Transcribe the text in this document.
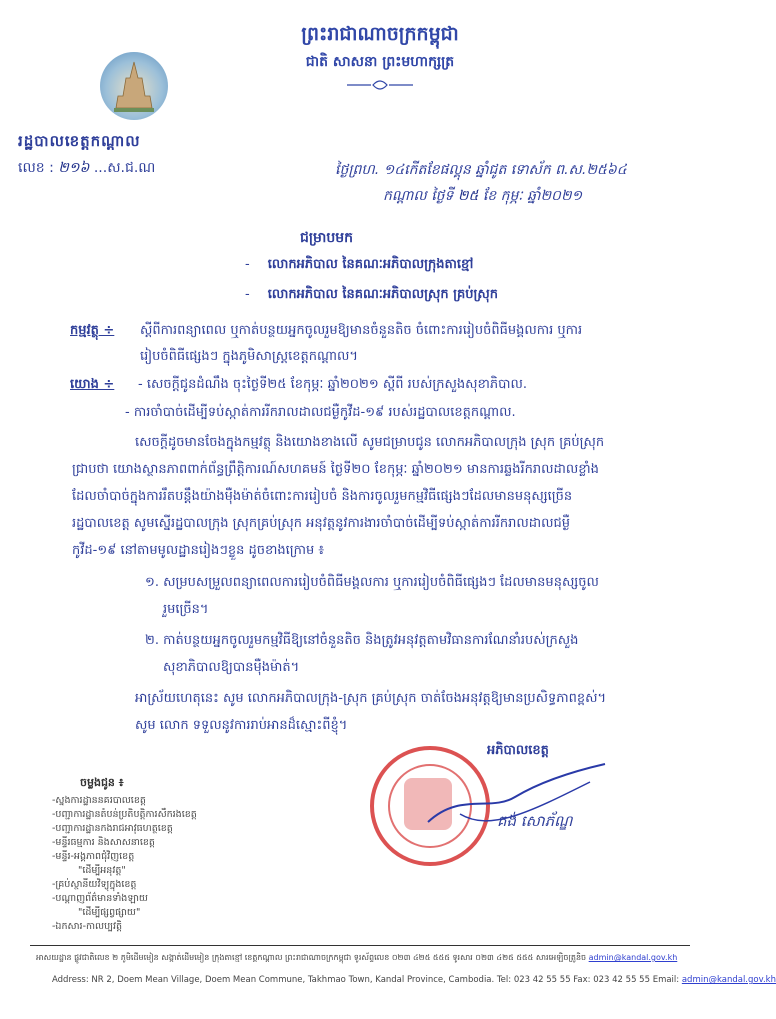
ព្រះរាជាណាចក្រកម្ពុជា
ជាតិ សាសនា ព្រះមហាក្សត្រ
រដ្ឋបាលខេត្តកណ្ដាល
លេខ : ២១៦ ...ស.ជ.ណ	ថ្ងៃព្រហ. ១៤កើតខែផល្គុន ឆ្នាំជូត ទោស័ក ព.ស.២៥៦៤
កណ្ដាល ថ្ងៃទី ២៥ ខែ កុម្ភៈ ឆ្នាំ២០២១
ជម្រាបមក
- លោកអភិបាល នៃគណៈអភិបាលក្រុងតាខ្មៅ
- លោកអភិបាល នៃគណៈអភិបាលស្រុក គ្រប់ស្រុក
កម្មវត្ថុ ÷ ស្ដីពីការពន្យាពេល ឬកាត់បន្ថយអ្នកចូលរួមឱ្យមានចំនួនតិច ចំពោះការរៀបចំពិធីមង្គលការ ឬការ
រៀបចំពិធីផ្សេងៗ ក្នុងភូមិសាស្ត្រខេត្តកណ្ដាល។
យោង ÷ - សេចក្ដីជូនដំណឹង ចុះថ្ងៃទី២៥ ខែកុម្ភៈ ឆ្នាំ២០២១ ស្ដីពី របស់ក្រសួងសុខាភិបាល.
- ការចាំបាច់ដើម្បីទប់ស្កាត់ការរីករាលដាលជម្ងឺកូវីដ-១៩ របស់រដ្ឋបាលខេត្តកណ្ដាល.
សេចក្ដីដូចមានចែងក្នុងកម្មវត្ថុ និងយោងខាងលើ សូមជម្រាបជូន លោកអភិបាលក្រុង ស្រុក គ្រប់ស្រុក
ជ្រាបថា យោងស្ថានភាពពាក់ព័ន្ធព្រឹត្តិការណ៍សហគមន៍ ថ្ងៃទី២០ ខែកុម្ភៈ ឆ្នាំ២០២១ មានការឆ្លងរីករាលដាលខ្លាំង
ដែលចាំបាច់ក្នុងការរឹតបន្តឹងយ៉ាងម៉ឺងម៉ាត់ចំពោះការរៀបចំ និងការចូលរួមកម្មវិធីផ្សេងៗដែលមានមនុស្សច្រើន
រដ្ឋបាលខេត្ត សូមស្នើរដ្ឋបាលក្រុង ស្រុកគ្រប់ស្រុក អនុវត្តនូវការងារចាំបាច់ដើម្បីទប់ស្កាត់ការរីករាលដាលជម្ងឺ
កូវីដ-១៩ នៅតាមមូលដ្ឋានរៀងៗខ្លួន ដូចខាងក្រោម ៖
១. សម្របសម្រួលពន្យាពេលការរៀបចំពិធីមង្គលការ ឬការរៀបចំពិធីផ្សេងៗ ដែលមានមនុស្សចូល
រួមច្រើន។
២. កាត់បន្ថយអ្នកចូលរួមកម្មវិធីឱ្យនៅចំនួនតិច និងត្រូវអនុវត្តតាមវិធានការណែនាំរបស់ក្រសួង
សុខាភិបាលឱ្យបានម៉ឺងម៉ាត់។
អាស្រ័យហេតុនេះ សូម លោកអភិបាលក្រុង-ស្រុក គ្រប់ស្រុក ចាត់ចែងអនុវត្តឱ្យមានប្រសិទ្ធភាពខ្ពស់។
សូម លោក ទទួលនូវការរាប់អានដ៏ស្មោះពីខ្ញុំ។
អភិបាលខេត្ត
គង់ សោភ័ណ្ឌ
ចម្លងជូន ៖
-ស្នងការដ្ឋាននគរបាលខេត្ត
-បញ្ជាការដ្ឋានតំបន់ប្រតិបត្តិការសឹករងខេត្ត
-បញ្ជាការដ្ឋានកងរាជអាវុធហត្ថខេត្ត
-មន្ទីរធម្មការ និងសាសនាខេត្ត
-មន្ទីរ-អង្គភាពជុំវិញខេត្ត
"ដើម្បីអនុវត្ត"
-គ្រប់ស្ថានីយវិទ្យុក្នុងខេត្ត
-បណ្ដាញព័ត៌មានទាំងឡាយ
"ដើម្បីផ្សព្វផ្សាយ"
-ឯកសារ-កាលប្បវត្តិ
អាសយដ្ឋាន ផ្លូវជាតិលេខ ២ ភូមិដើមមៀន សង្កាត់ដើមមៀន ក្រុងតាខ្មៅ ខេត្តកណ្ដាល ព្រះរាជាណាចក្រកម្ពុជា ទូរស័ព្ទលេខ ០២៣ ៤២៥ ៥៥៥ ទូរសារ ០២៣ ៤២៥ ៥៥៥ សារអេឡិចត្រូនិច admin@kandal.gov.kh
Address: NR 2, Doem Mean Village, Doem Mean Commune, Takhmao Town, Kandal Province, Cambodia. Tel: 023 42 55 55 Fax: 023 42 55 55 Email: admin@kandal.gov.kh
